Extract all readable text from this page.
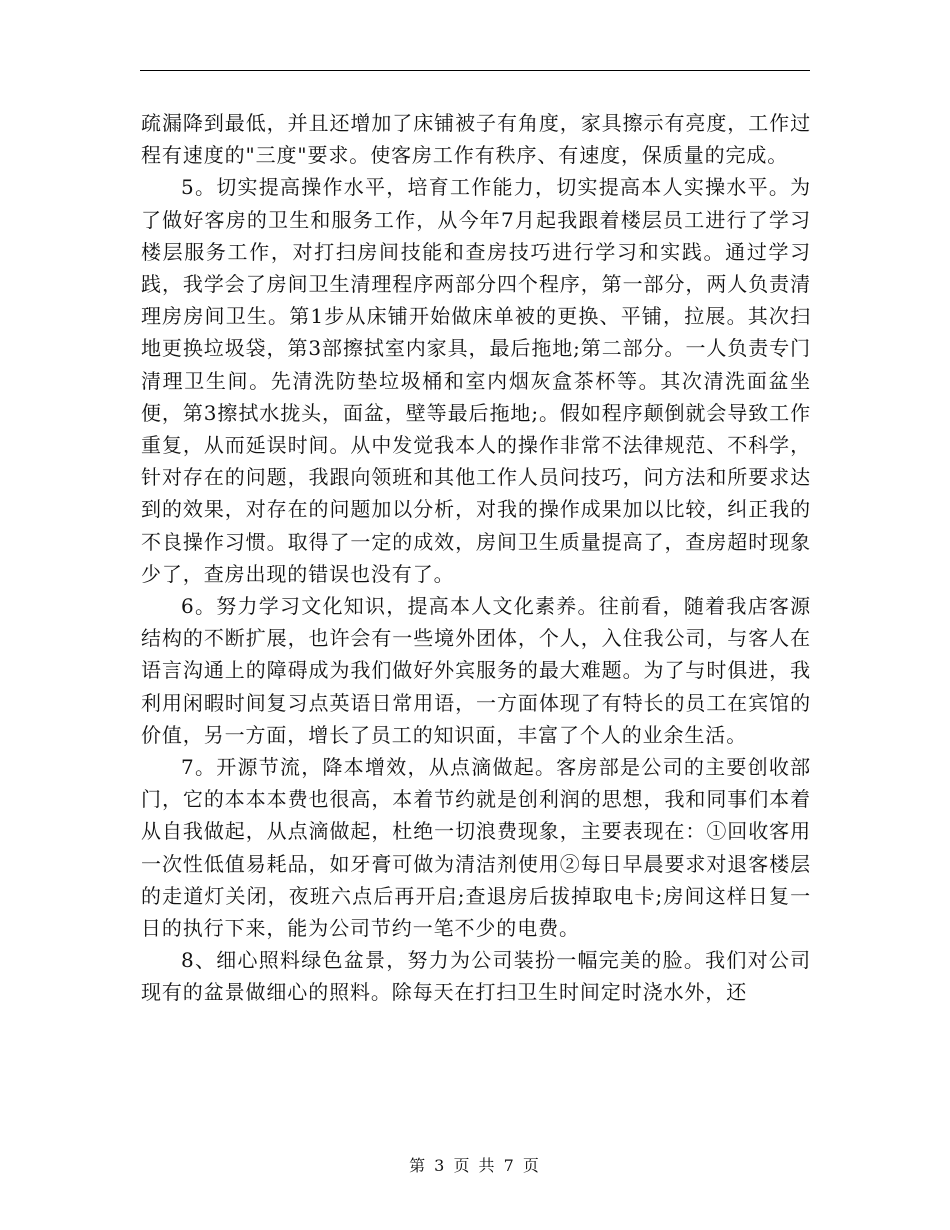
疏漏降到最低，并且还增加了床铺被子有角度，家具擦示有亮度，工作过程有速度的"三度"要求。使客房工作有秩序、有速度，保质量的完成。

5。切实提高操作水平，培育工作能力，切实提高本人实操水平。为了做好客房的卫生和服务工作，从今年7月起我跟着楼层员工进行了学习楼层服务工作，对打扫房间技能和查房技巧进行学习和实践。通过学习践，我学会了房间卫生清理程序两部分四个程序，第一部分，两人负责清理房房间卫生。第1步从床铺开始做床单被的更换、平铺，拉展。其次扫地更换垃圾袋，第3部擦拭室内家具，最后拖地;第二部分。一人负责专门清理卫生间。先清洗防垫垃圾桶和室内烟灰盒茶杯等。其次清洗面盆坐便，第3擦拭水拢头，面盆，壁等最后拖地;。假如程序颠倒就会导致工作重复，从而延误时间。从中发觉我本人的操作非常不法律规范、不科学，针对存在的问题，我跟向领班和其他工作人员问技巧，问方法和所要求达到的效果，对存在的问题加以分析，对我的操作成果加以比较，纠正我的不良操作习惯。取得了一定的成效，房间卫生质量提高了，查房超时现象少了，查房出现的错误也没有了。

6。努力学习文化知识，提高本人文化素养。往前看，随着我店客源结构的不断扩展，也许会有一些境外团体，个人，入住我公司，与客人在语言沟通上的障碍成为我们做好外宾服务的最大难题。为了与时俱进，我利用闲暇时间复习点英语日常用语，一方面体现了有特长的员工在宾馆的价值，另一方面，增长了员工的知识面，丰富了个人的业余生活。

7。开源节流，降本增效，从点滴做起。客房部是公司的主要创收部门，它的本本本费也很高，本着节约就是创利润的思想，我和同事们本着从自我做起，从点滴做起，杜绝一切浪费现象，主要表现在：①回收客用一次性低值易耗品，如牙膏可做为清洁剂使用②每日早晨要求对退客楼层的走道灯关闭，夜班六点后再开启;查退房后拔掉取电卡;房间这样日复一日的执行下来，能为公司节约一笔不少的电费。

8、细心照料绿色盆景，努力为公司装扮一幅完美的脸。我们对公司现有的盆景做细心的照料。除每天在打扫卫生时间定时浇水外，还

第 3 页 共 7 页
